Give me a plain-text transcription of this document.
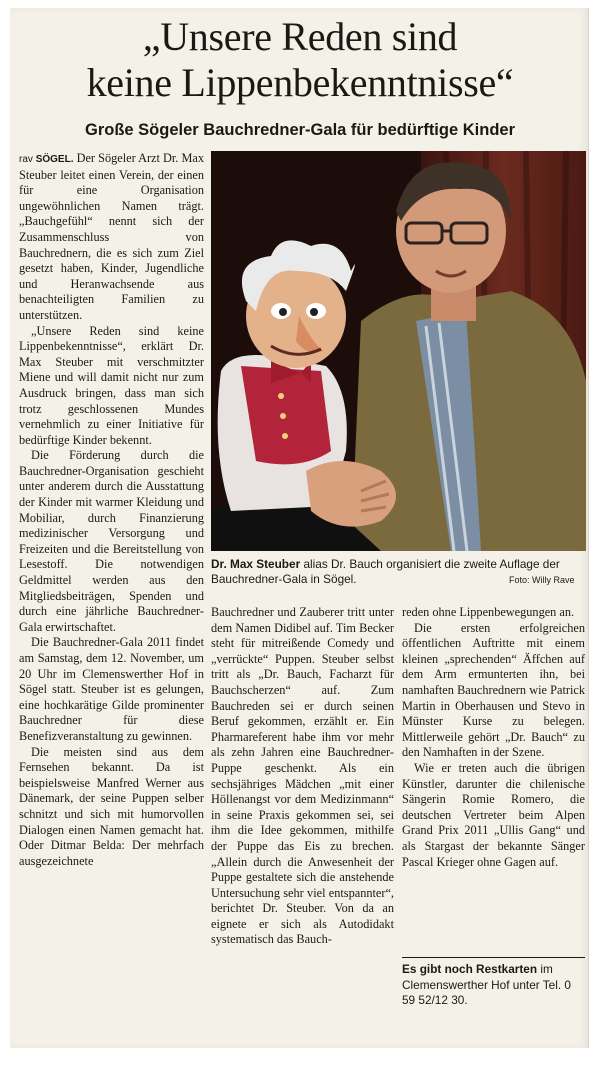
„Unsere Reden sind
keine Lippenbekenntnisse“
Große Sögeler Bauchredner-Gala für bedürftige Kinder

rav SÖGEL. Der Sögeler Arzt Dr. Max Steuber leitet einen Verein, der einen für eine Organisation ungewöhnlichen Namen trägt. „Bauchgefühl“ nennt sich der Zusammenschluss von Bauchrednern, die es sich zum Ziel gesetzt haben, Kinder, Jugendliche und Heranwachsende aus benachteiligten Familien zu unterstützen.

„Unsere Reden sind keine Lippenbekenntnisse“, erklärt Dr. Max Steuber mit verschmitzter Miene und will damit nicht nur zum Ausdruck bringen, dass man sich trotz geschlossenen Mundes vernehmlich zu einer Initiative für bedürftige Kinder bekennt.

Die Förderung durch die Bauchredner-Organisation geschieht unter anderem durch die Ausstattung der Kinder mit warmer Kleidung und Mobiliar, durch Finanzierung medizinischer Versorgung und Freizeiten und die Bereitstellung von Lesestoff. Die notwendigen Geldmittel werden aus den Mitgliedsbeiträgen, Spenden und durch eine jährliche Bauchredner-Gala erwirtschaftet.

Die Bauchredner-Gala 2011 findet am Samstag, dem 12. November, um 20 Uhr im Clemenswerther Hof in Sögel statt. Steuber ist es gelungen, eine hochkarätige Gilde prominenter Bauchredner für diese Benefizveranstaltung zu gewinnen.

Die meisten sind aus dem Fernsehen bekannt. Da ist beispielsweise Manfred Werner aus Dänemark, der seine Puppen selber schnitzt und sich mit humorvollen Dialogen einen Namen gemacht hat. Oder Ditmar Belda: Der mehrfach ausgezeichnete

Dr. Max Steuber alias Dr. Bauch organisiert die zweite Auflage der Bauchredner-Gala in Sögel.	Foto: Willy Rave

Bauchredner und Zauberer tritt unter dem Namen Didibel auf. Tim Becker steht für mitreißende Comedy und „verrückte“ Puppen. Steuber selbst tritt als „Dr. Bauch, Facharzt für Bauchscherzen“ auf. Zum Bauchreden sei er durch seinen Beruf gekommen, erzählt er. Ein Pharmareferent habe ihm vor mehr als zehn Jahren eine Bauchredner-Puppe geschenkt. Als ein sechsjähriges Mädchen „mit einer Höllenangst vor dem Medizinmann“ in seine Praxis gekommen sei, sei ihm die Idee gekommen, mithilfe der Puppe das Eis zu brechen. „Allein durch die Anwesenheit der Puppe gestaltete sich die anstehende Untersuchung sehr viel entspannter“, berichtet Dr. Steuber. Von da an eignete er sich als Autodidakt systematisch das Bauch-

reden ohne Lippenbewegungen an.

Die ersten erfolgreichen öffentlichen Auftritte mit einem kleinen „sprechenden“ Äffchen auf dem Arm ermunterten ihn, bei namhaften Bauchrednern wie Patrick Martin in Oberhausen und Stevo in Münster Kurse zu belegen. Mittlerweile gehört „Dr. Bauch“ zu den Namhaften in der Szene.

Wie er treten auch die übrigen Künstler, darunter die chilenische Sängerin Romie Romero, die deutschen Vertreter beim Alpen Grand Prix 2011 „Ullis Gang“ und als Stargast der bekannte Sänger Pascal Krieger ohne Gagen auf.

Es gibt noch Restkarten im Clemenswerther Hof unter Tel. 0 59 52/12 30.
